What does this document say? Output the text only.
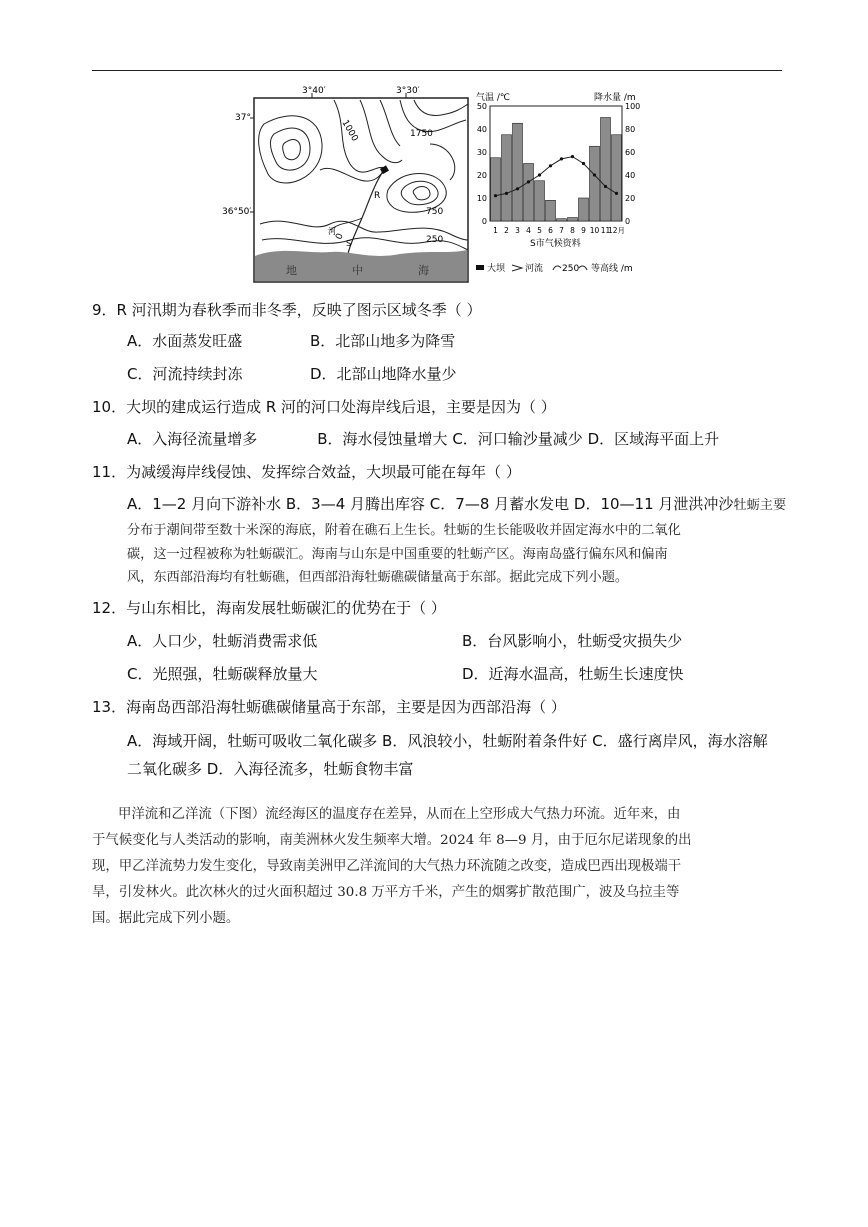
3°40′	3°30′
37°
1000	1750
750
250
0
R
河
S
地	中	海
36°50′
气温 /℃	降水量 /m
0
10
20
30
40
50
0
20
40
60
80
100
1 2 3 4 5 6 7 8 9 10 11
12月
S市气候资料
大坝 河流 250 等高线 /m
9．R 河汛期为春秋季而非冬季，反映了图示区域冬季（ ）
A．水面蒸发旺盛	B．北部山地多为降雪
C．河流持续封冻	D．北部山地降水量少
10．大坝的建成运行造成 R 河的河口处海岸线后退，主要是因为（ ）
A．入海径流量增多　　　　B．海水侵蚀量增大 C．河口输沙量减少 D．区域海平面上升
11．为减缓海岸线侵蚀、发挥综合效益，大坝最可能在每年（ ）
A．1—2 月向下游补水 B．3—4 月腾出库容 C．7—8 月蓄水发电 D．10—11 月泄洪冲沙牡蛎主要
分布于潮间带至数十米深的海底，附着在礁石上生长。牡蛎的生长能吸收并固定海水中的二氧化
碳，这一过程被称为牡蛎碳汇。海南与山东是中国重要的牡蛎产区。海南岛盛行偏东风和偏南
风，东西部沿海均有牡蛎礁，但西部沿海牡蛎礁碳储量高于东部。据此完成下列小题。
12．与山东相比，海南发展牡蛎碳汇的优势在于（ ）
A．人口少，牡蛎消费需求低	B．台风影响小，牡蛎受灾损失少
C．光照强，牡蛎碳释放量大	D．近海水温高，牡蛎生长速度快
13．海南岛西部沿海牡蛎礁碳储量高于东部，主要是因为西部沿海（ ）
A．海域开阔，牡蛎可吸收二氧化碳多 B．风浪较小，牡蛎附着条件好 C．盛行离岸风，海水溶解
二氧化碳多 D．入海径流多，牡蛎食物丰富
甲洋流和乙洋流（下图）流经海区的温度存在差异，从而在上空形成大气热力环流。近年来，由
于气候变化与人类活动的影响，南美洲林火发生频率大增。2024 年 8—9 月，由于厄尔尼诺现象的出
现，甲乙洋流势力发生变化，导致南美洲甲乙洋流间的大气热力环流随之改变，造成巴西出现极端干
旱，引发林火。此次林火的过火面积超过 30.8 万平方千米，产生的烟雾扩散范围广，波及乌拉圭等
国。据此完成下列小题。
